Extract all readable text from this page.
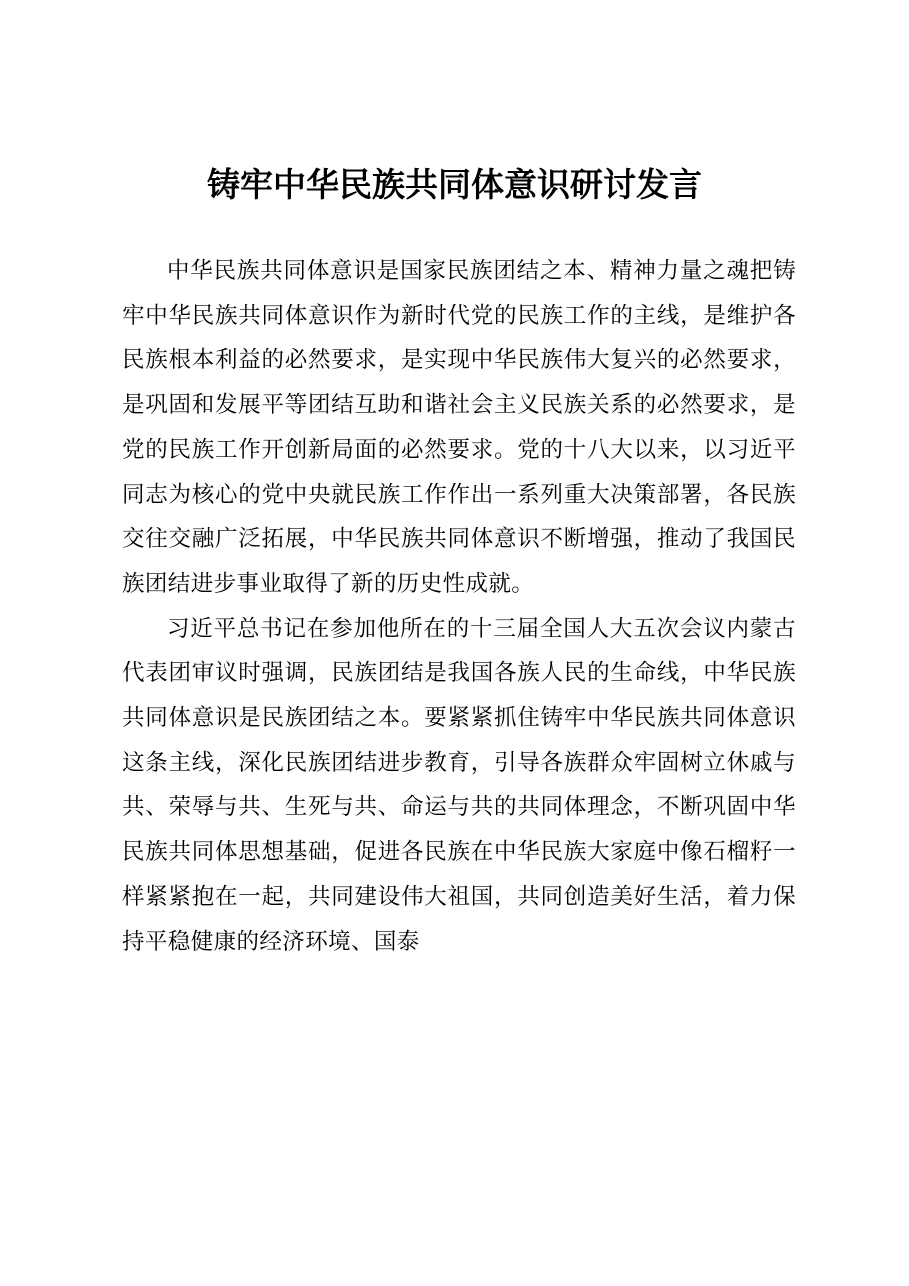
铸牢中华民族共同体意识研讨发言

中华民族共同体意识是国家民族团结之本、精神力量之魂把铸牢中华民族共同体意识作为新时代党的民族工作的主线，是维护各民族根本利益的必然要求，是实现中华民族伟大复兴的必然要求，是巩固和发展平等团结互助和谐社会主义民族关系的必然要求，是党的民族工作开创新局面的必然要求。党的十八大以来，以习近平同志为核心的党中央就民族工作作出一系列重大决策部署，各民族交往交融广泛拓展，中华民族共同体意识不断增强，推动了我国民族团结进步事业取得了新的历史性成就。

习近平总书记在参加他所在的十三届全国人大五次会议内蒙古代表团审议时强调，民族团结是我国各族人民的生命线，中华民族共同体意识是民族团结之本。要紧紧抓住铸牢中华民族共同体意识这条主线，深化民族团结进步教育，引导各族群众牢固树立休戚与共、荣辱与共、生死与共、命运与共的共同体理念，不断巩固中华民族共同体思想基础，促进各民族在中华民族大家庭中像石榴籽一样紧紧抱在一起，共同建设伟大祖国，共同创造美好生活，着力保持平稳健康的经济环境、国泰
